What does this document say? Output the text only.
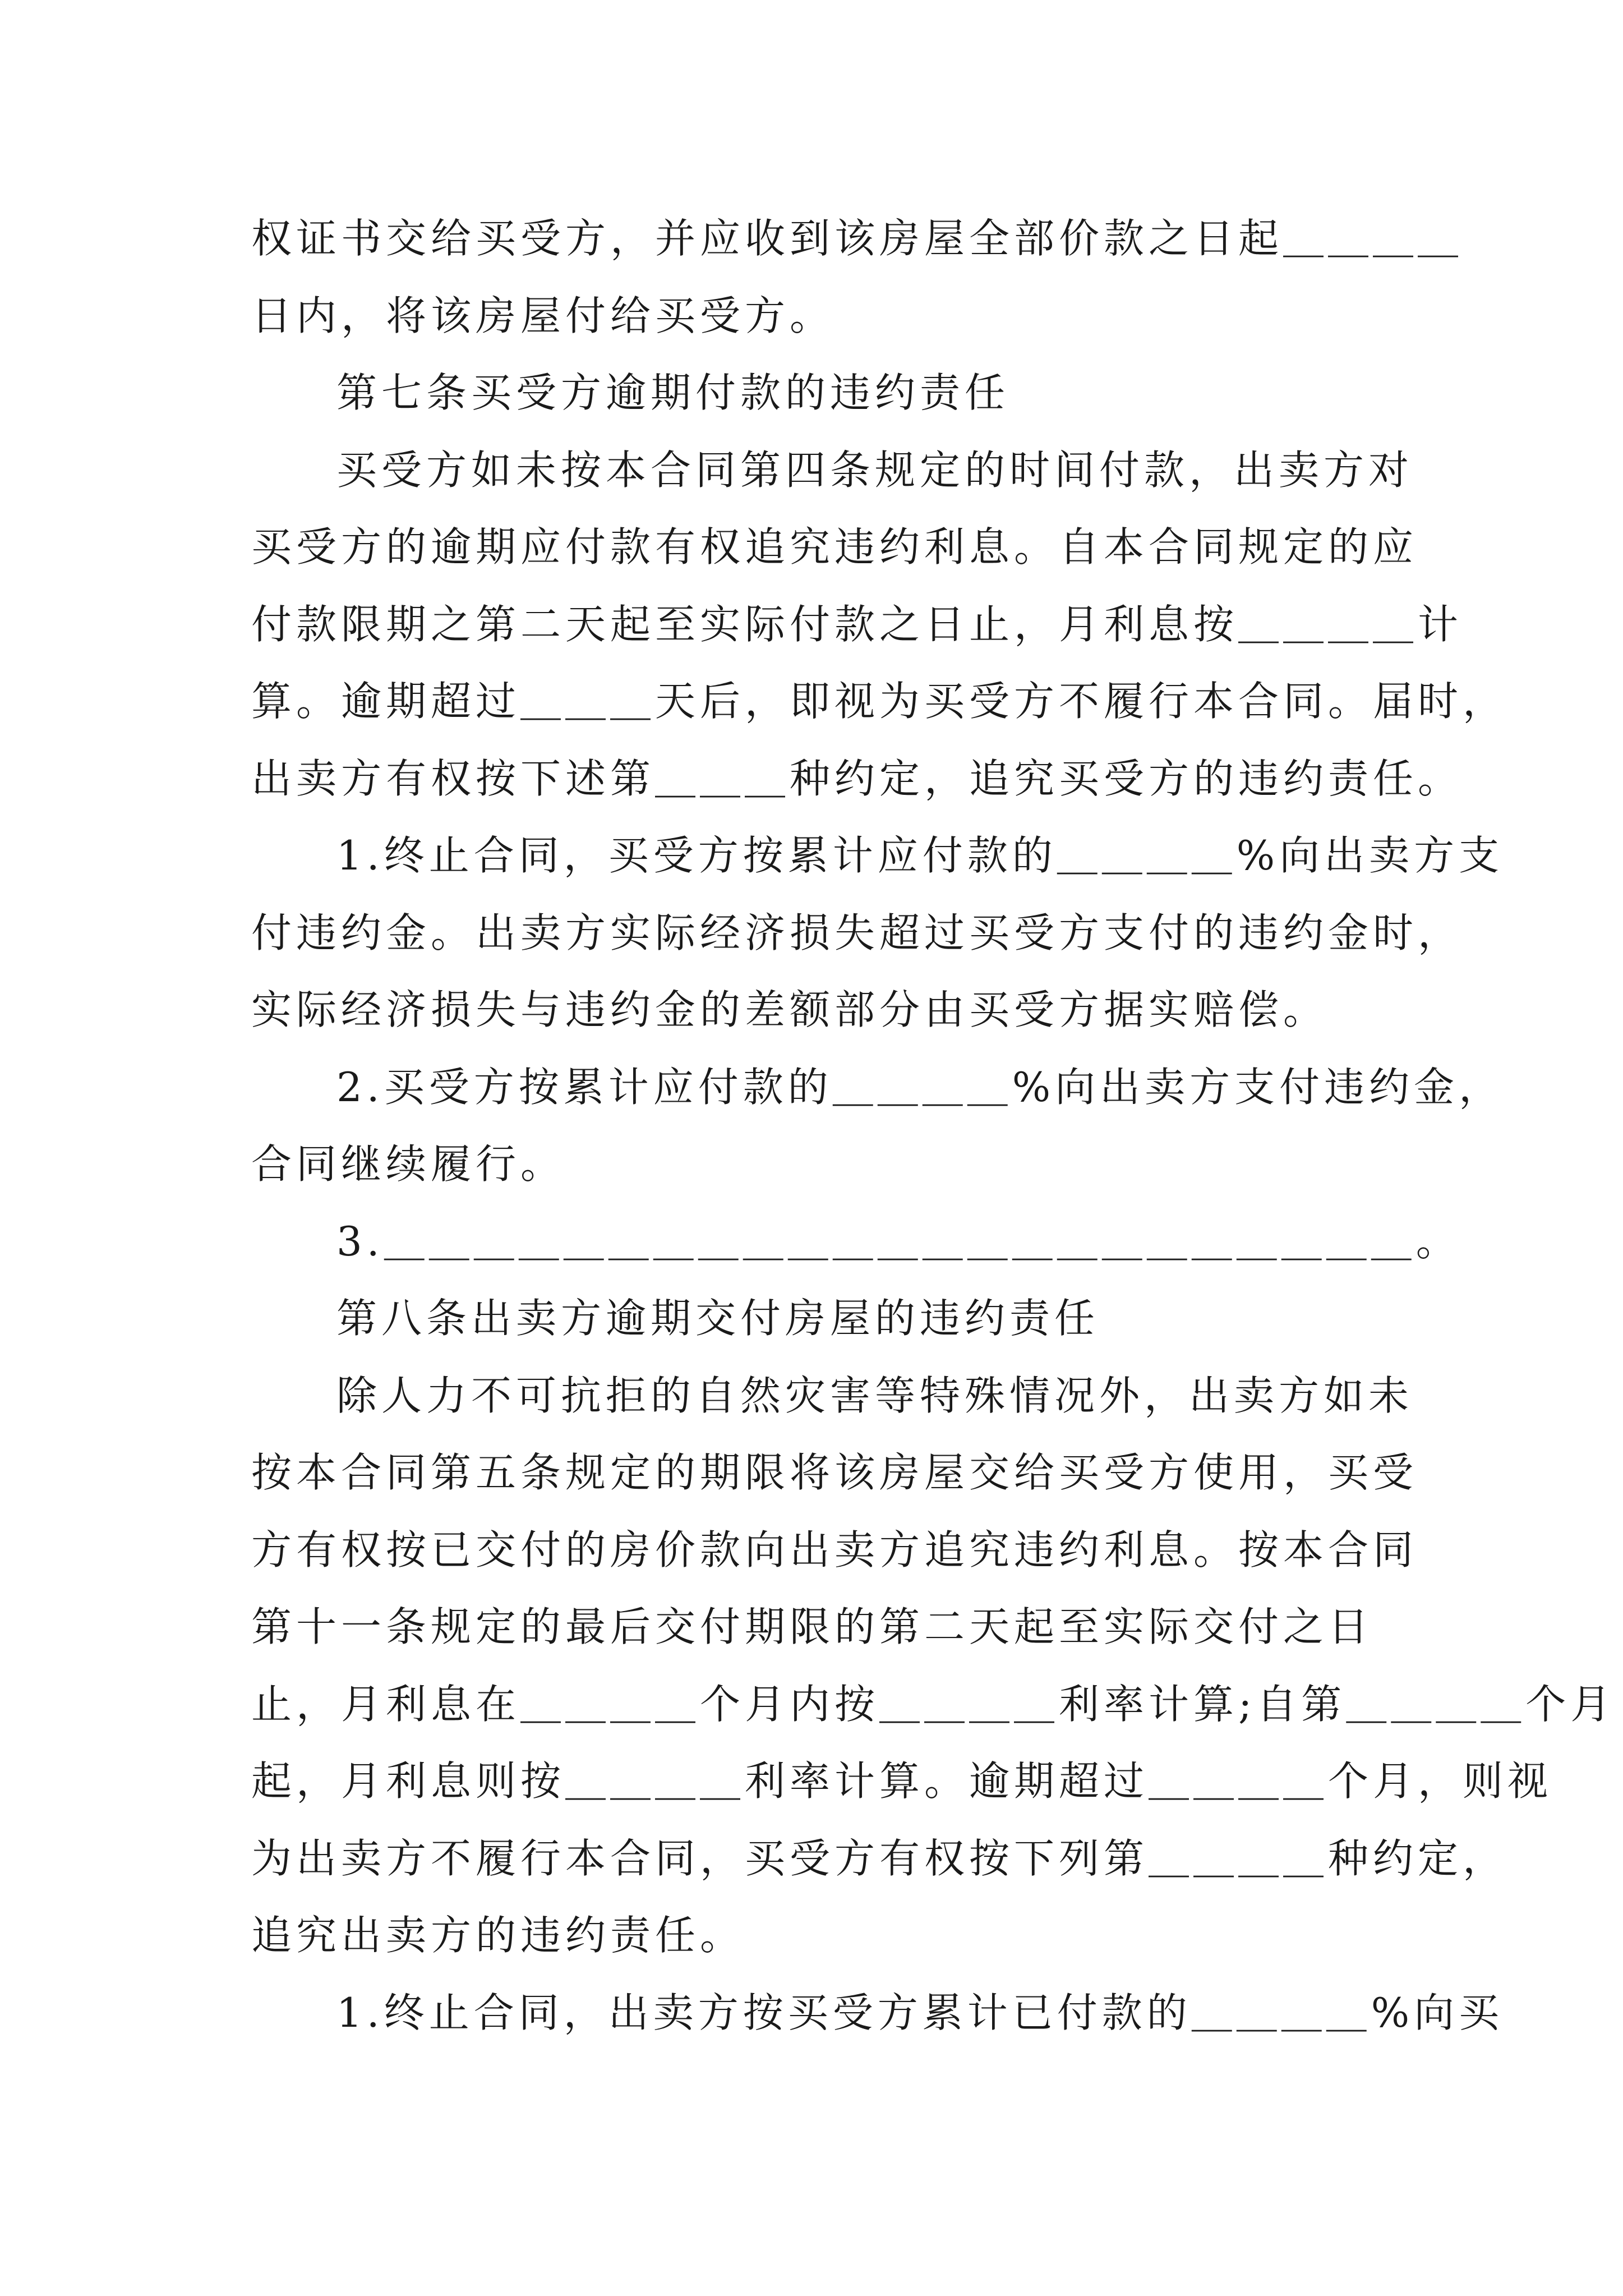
权证书交给买受方，并应收到该房屋全部价款之日起＿＿＿＿

日内，将该房屋付给买受方。

第七条买受方逾期付款的违约责任

买受方如未按本合同第四条规定的时间付款，出卖方对

买受方的逾期应付款有权追究违约利息。自本合同规定的应

付款限期之第二天起至实际付款之日止，月利息按＿＿＿＿计

算。逾期超过＿＿＿天后，即视为买受方不履行本合同。届时，

出卖方有权按下述第＿＿＿种约定，追究买受方的违约责任。

1.终止合同，买受方按累计应付款的＿＿＿＿%向出卖方支

付违约金。出卖方实际经济损失超过买受方支付的违约金时，

实际经济损失与违约金的差额部分由买受方据实赔偿。

2.买受方按累计应付款的＿＿＿＿%向出卖方支付违约金，

合同继续履行。

3.＿＿＿＿＿＿＿＿＿＿＿＿＿＿＿＿＿＿＿＿＿＿＿。

第八条出卖方逾期交付房屋的违约责任

除人力不可抗拒的自然灾害等特殊情况外，出卖方如未

按本合同第五条规定的期限将该房屋交给买受方使用，买受

方有权按已交付的房价款向出卖方追究违约利息。按本合同

第十一条规定的最后交付期限的第二天起至实际交付之日

止，月利息在＿＿＿＿个月内按＿＿＿＿利率计算;自第＿＿＿＿个月

起，月利息则按＿＿＿＿利率计算。逾期超过＿＿＿＿个月，则视

为出卖方不履行本合同，买受方有权按下列第＿＿＿＿种约定，

追究出卖方的违约责任。

1.终止合同，出卖方按买受方累计已付款的＿＿＿＿%向买
